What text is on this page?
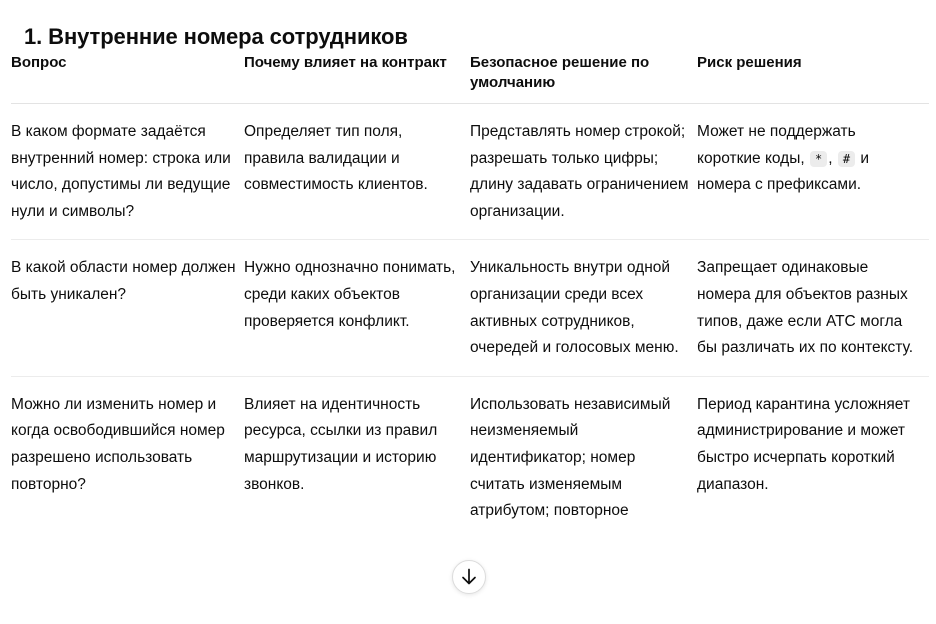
1. Внутренние номера сотрудников
Вопрос	Почему влияет на контракт	Безопасное решение по умолчанию	Риск решения
В каком формате задаётся внутренний номер: строка или число, допустимы ли ведущие нули и символы?	Определяет тип поля, правила валидации и совместимость клиентов.	Представлять номер строкой; разрешать только цифры; длину задавать ограничением организации.	Может не поддержать короткие коды, * , # и номера с префиксами.
В какой области номер должен быть уникален?	Нужно однозначно понимать, среди каких объектов проверяется конфликт.	Уникальность внутри одной организации среди всех активных сотрудников, очередей и голосовых меню.	Запрещает одинаковые номера для объектов разных типов, даже если АТС могла бы различать их по контексту.
Можно ли изменить номер и когда освободившийся номер разрешено использовать повторно?	Влияет на идентичность ресурса, ссылки из правил маршрутизации и историю звонков.	Использовать независимый неизменяемый идентификатор; номер считать изменяемым атрибутом; повторное	Период карантина усложняет администрирование и может быстро исчерпать короткий диапазон.
